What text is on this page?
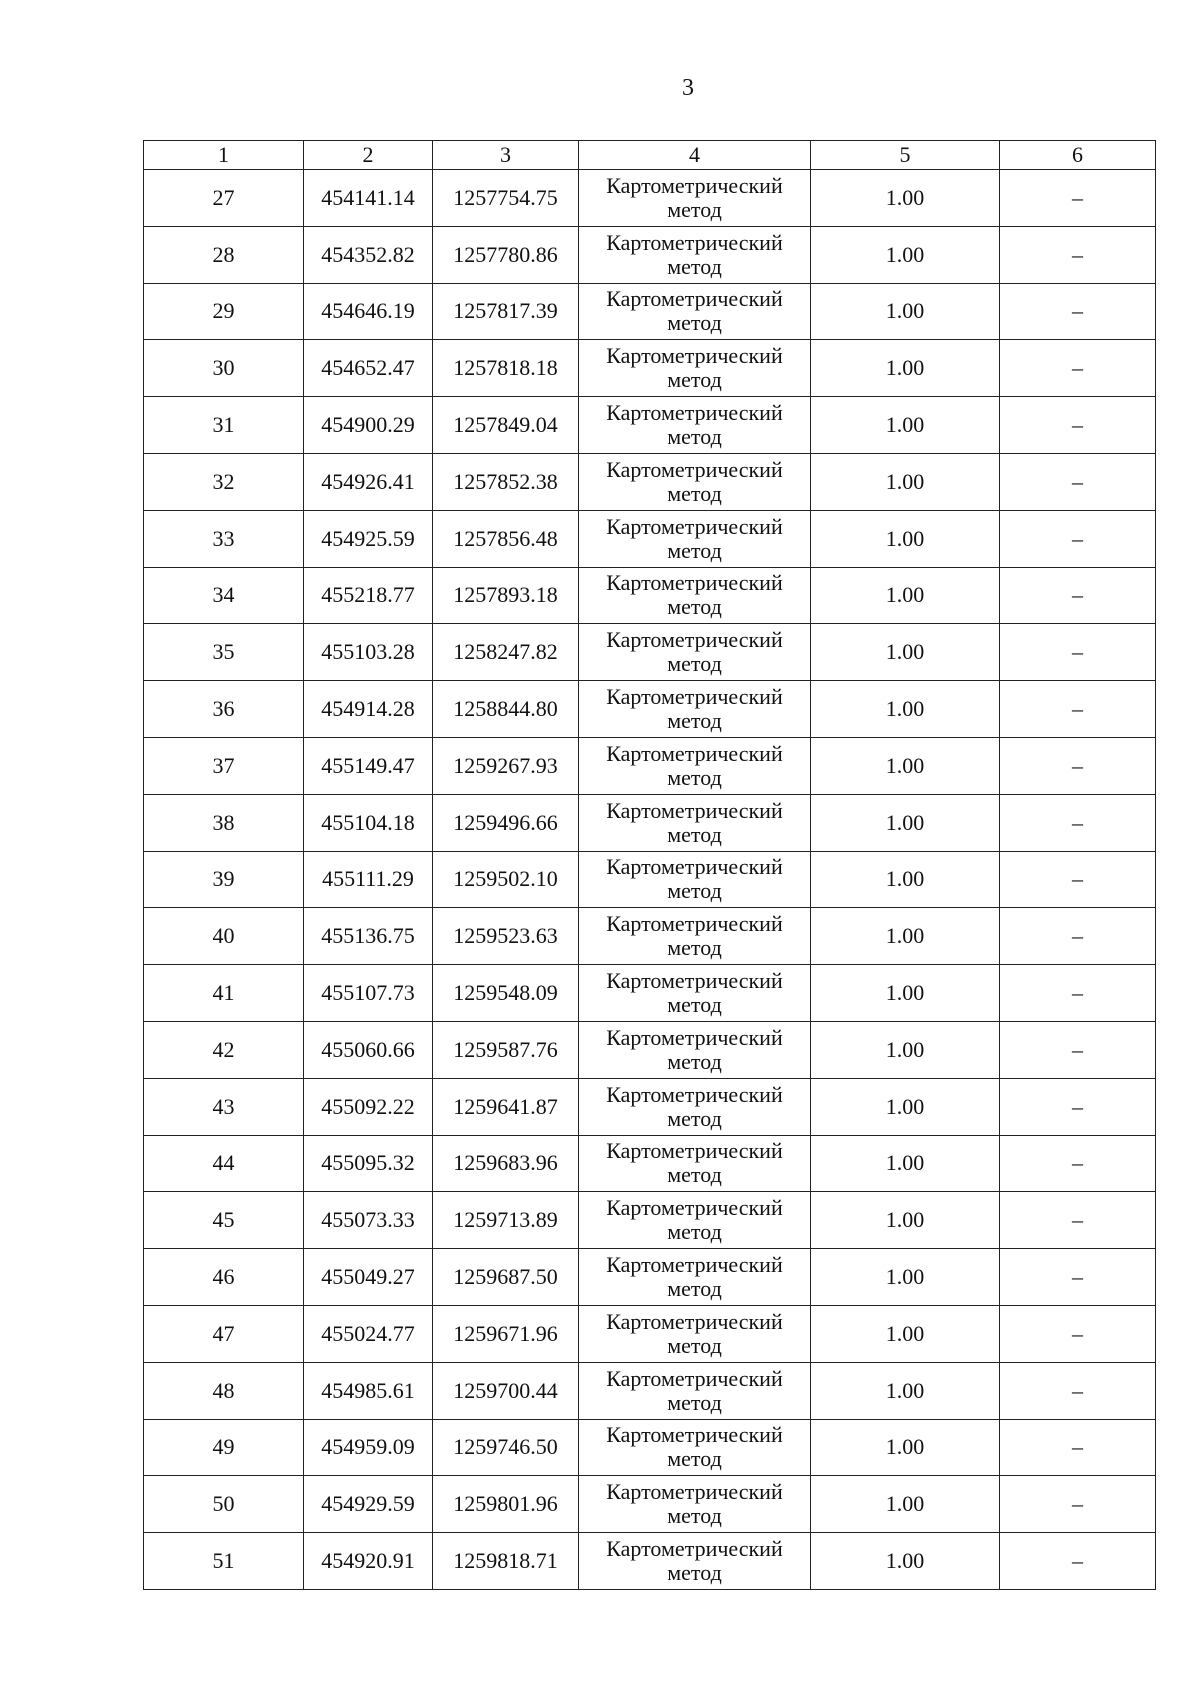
3
1	2	3	4	5	6
27	454141.14	1257754.75	Картометрический
метод	1.00	–
28	454352.82	1257780.86	Картометрический
метод	1.00	–
29	454646.19	1257817.39	Картометрический
метод	1.00	–
30	454652.47	1257818.18	Картометрический
метод	1.00	–
31	454900.29	1257849.04	Картометрический
метод	1.00	–
32	454926.41	1257852.38	Картометрический
метод	1.00	–
33	454925.59	1257856.48	Картометрический
метод	1.00	–
34	455218.77	1257893.18	Картометрический
метод	1.00	–
35	455103.28	1258247.82	Картометрический
метод	1.00	–
36	454914.28	1258844.80	Картометрический
метод	1.00	–
37	455149.47	1259267.93	Картометрический
метод	1.00	–
38	455104.18	1259496.66	Картометрический
метод	1.00	–
39	455111.29	1259502.10	Картометрический
метод	1.00	–
40	455136.75	1259523.63	Картометрический
метод	1.00	–
41	455107.73	1259548.09	Картометрический
метод	1.00	–
42	455060.66	1259587.76	Картометрический
метод	1.00	–
43	455092.22	1259641.87	Картометрический
метод	1.00	–
44	455095.32	1259683.96	Картометрический
метод	1.00	–
45	455073.33	1259713.89	Картометрический
метод	1.00	–
46	455049.27	1259687.50	Картометрический
метод	1.00	–
47	455024.77	1259671.96	Картометрический
метод	1.00	–
48	454985.61	1259700.44	Картометрический
метод	1.00	–
49	454959.09	1259746.50	Картометрический
метод	1.00	–
50	454929.59	1259801.96	Картометрический
метод	1.00	–
51	454920.91	1259818.71	Картометрический
метод	1.00	–
